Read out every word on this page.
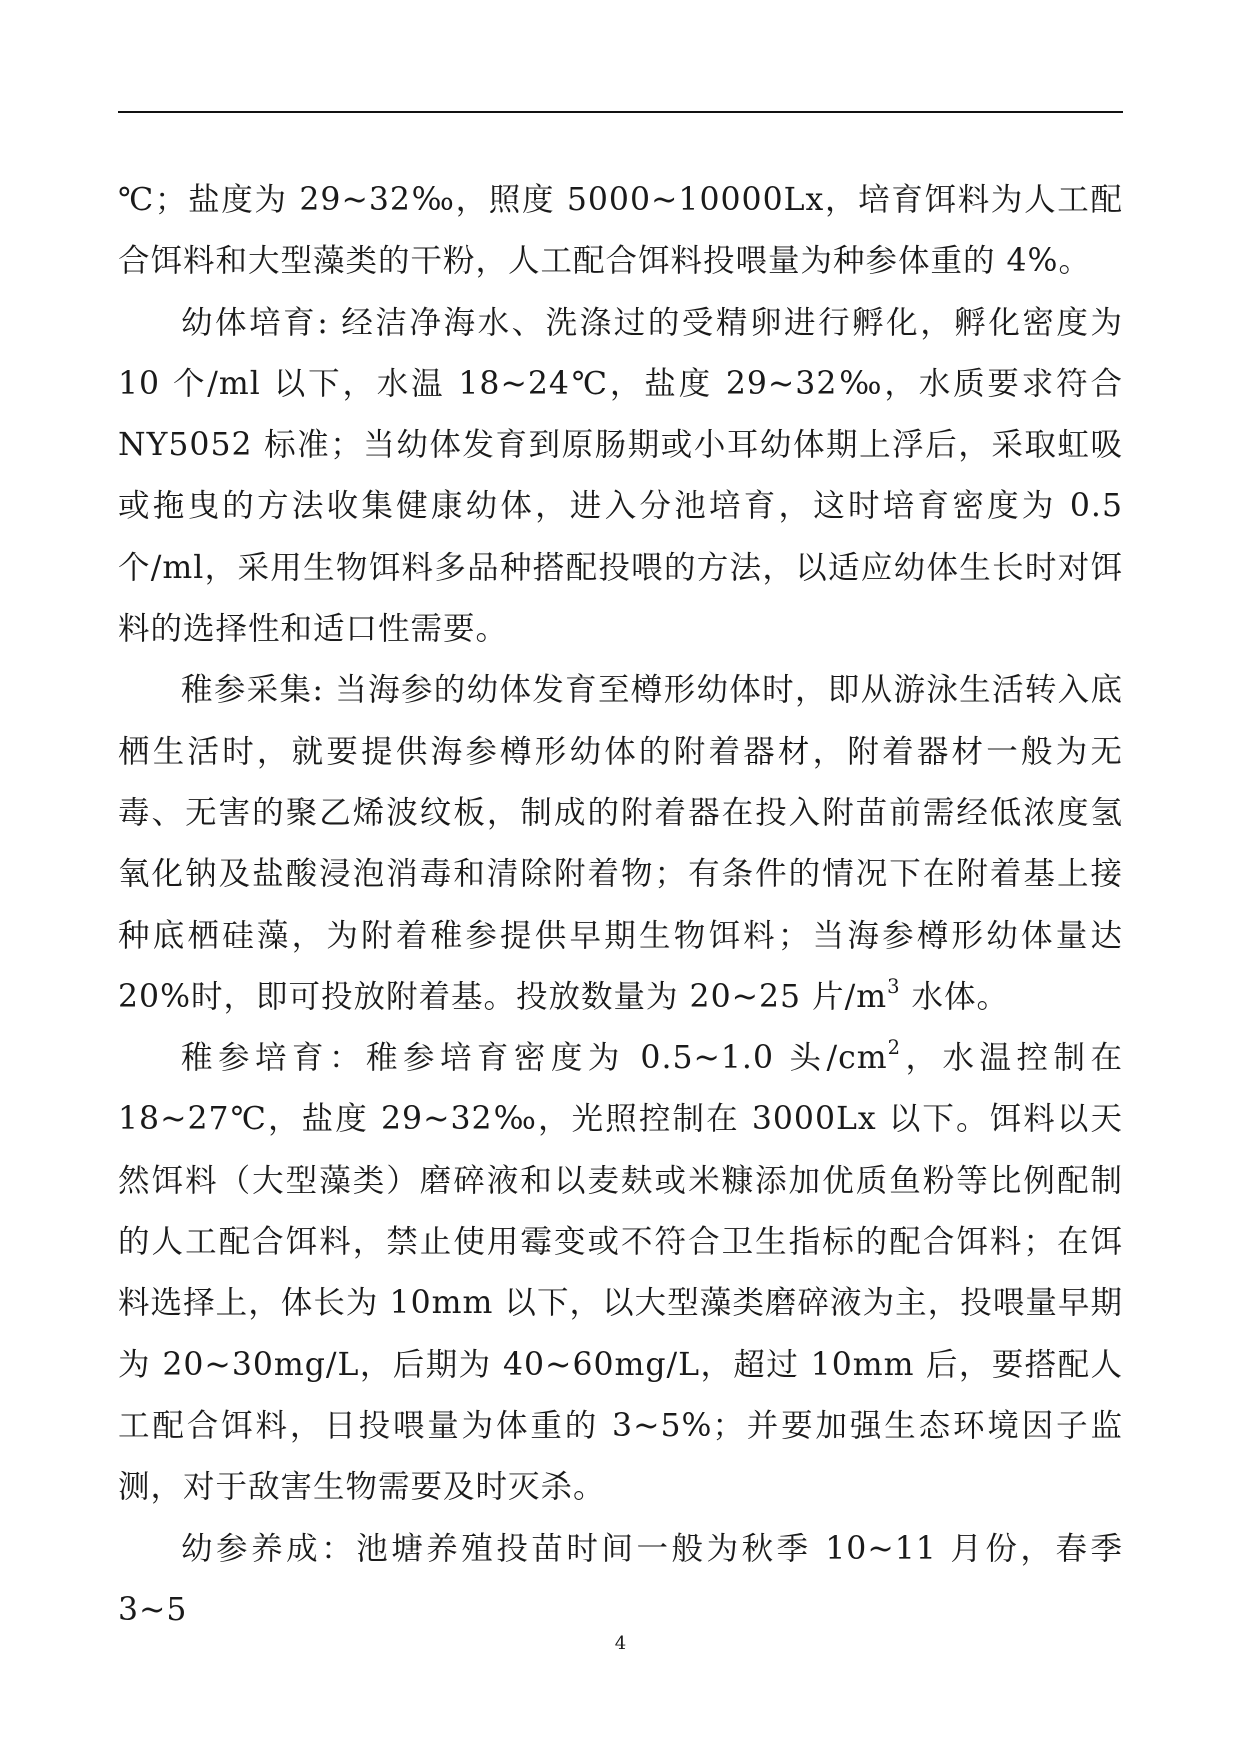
℃；盐度为 29~32‰，照度 5000~10000Lx，培育饵料为人工配合饵料和大型藻类的干粉，人工配合饵料投喂量为种参体重的 4%。

幼体培育: 经洁净海水、洗涤过的受精卵进行孵化，孵化密度为 10 个/ml 以下，水温 18~24℃，盐度 29~32‰，水质要求符合 NY5052 标准；当幼体发育到原肠期或小耳幼体期上浮后，采取虹吸或拖曳的方法收集健康幼体，进入分池培育，这时培育密度为 0.5 个/ml，采用生物饵料多品种搭配投喂的方法，以适应幼体生长时对饵料的选择性和适口性需要。

稚参采集: 当海参的幼体发育至樽形幼体时，即从游泳生活转入底栖生活时，就要提供海参樽形幼体的附着器材，附着器材一般为无毒、无害的聚乙烯波纹板，制成的附着器在投入附苗前需经低浓度氢氧化钠及盐酸浸泡消毒和清除附着物；有条件的情况下在附着基上接种底栖硅藻，为附着稚参提供早期生物饵料；当海参樽形幼体量达 20%时，即可投放附着基。投放数量为 20~25 片$/m^3$ 水体。

稚参培育：稚参培育密度为 0.5~1.0 头$/cm^2$，水温控制在 18~27℃，盐度 29~32‰，光照控制在 3000Lx 以下。饵料以天然饵料（大型藻类）磨碎液和以麦麸或米糠添加优质鱼粉等比例配制的人工配合饵料，禁止使用霉变或不符合卫生指标的配合饵料；在饵料选择上，体长为 10mm 以下，以大型藻类磨碎液为主，投喂量早期为 20~30mg/L，后期为 40~60mg/L，超过 10mm 后，要搭配人工配合饵料，日投喂量为体重的 3~5%；并要加强生态环境因子监测，对于敌害生物需要及时灭杀。

幼参养成：池塘养殖投苗时间一般为秋季 10~11 月份，春季 3~5

4
